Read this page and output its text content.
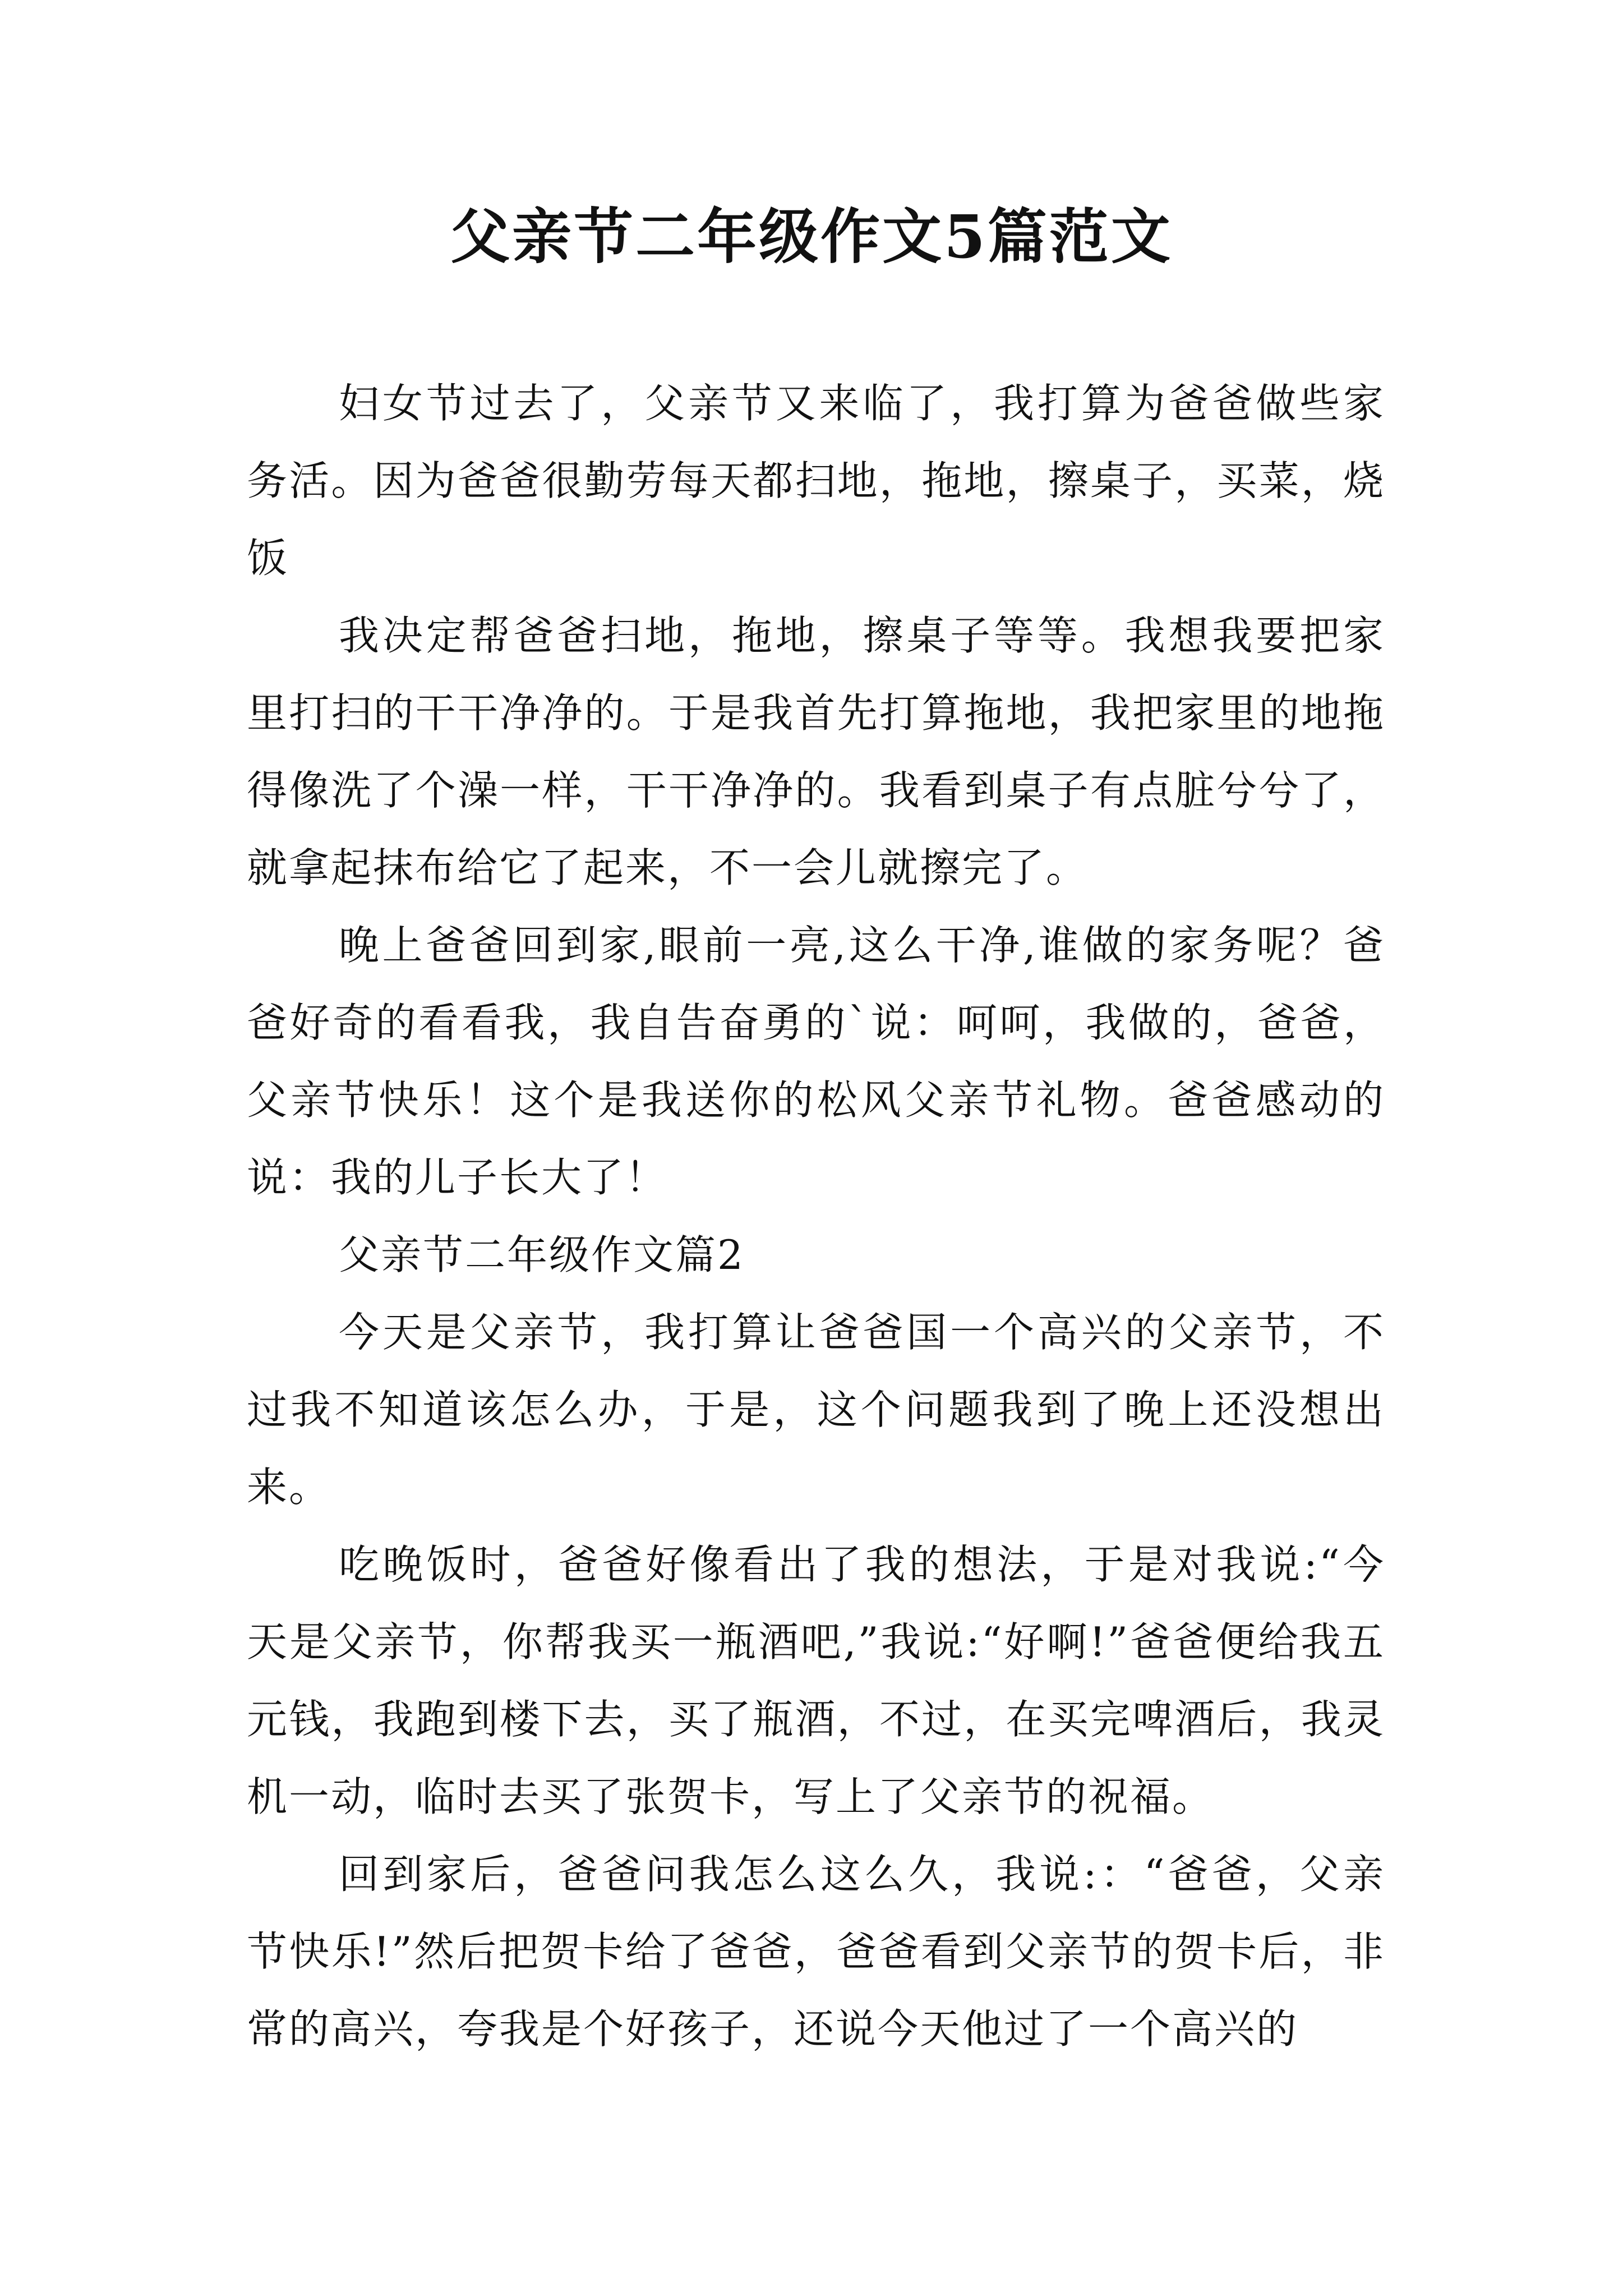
父亲节二年级作文5篇范文

妇女节过去了，父亲节又来临了，我打算为爸爸做些家务活。因为爸爸很勤劳每天都扫地，拖地，擦桌子，买菜，烧饭

我决定帮爸爸扫地，拖地，擦桌子等等。我想我要把家里打扫的干干净净的。于是我首先打算拖地，我把家里的地拖得像洗了个澡一样，干干净净的。我看到桌子有点脏兮兮了，就拿起抹布给它了起来，不一会儿就擦完了。

晚上爸爸回到家,眼前一亮,这么干净,谁做的家务呢？爸爸好奇的看看我，我自告奋勇的`说：呵呵，我做的，爸爸，父亲节快乐！这个是我送你的松风父亲节礼物。爸爸感动的说：我的儿子长大了！

父亲节二年级作文篇2

今天是父亲节，我打算让爸爸国一个高兴的父亲节，不过我不知道该怎么办，于是，这个问题我到了晚上还没想出来。

吃晚饭时，爸爸好像看出了我的想法，于是对我说:“今天是父亲节，你帮我买一瓶酒吧,”我说:“好啊!”爸爸便给我五元钱，我跑到楼下去，买了瓶酒，不过，在买完啤酒后，我灵机一动，临时去买了张贺卡，写上了父亲节的祝福。

回到家后，爸爸问我怎么这么久，我说:：“爸爸，父亲节快乐!”然后把贺卡给了爸爸，爸爸看到父亲节的贺卡后，非常的高兴，夸我是个好孩子，还说今天他过了一个高兴的
